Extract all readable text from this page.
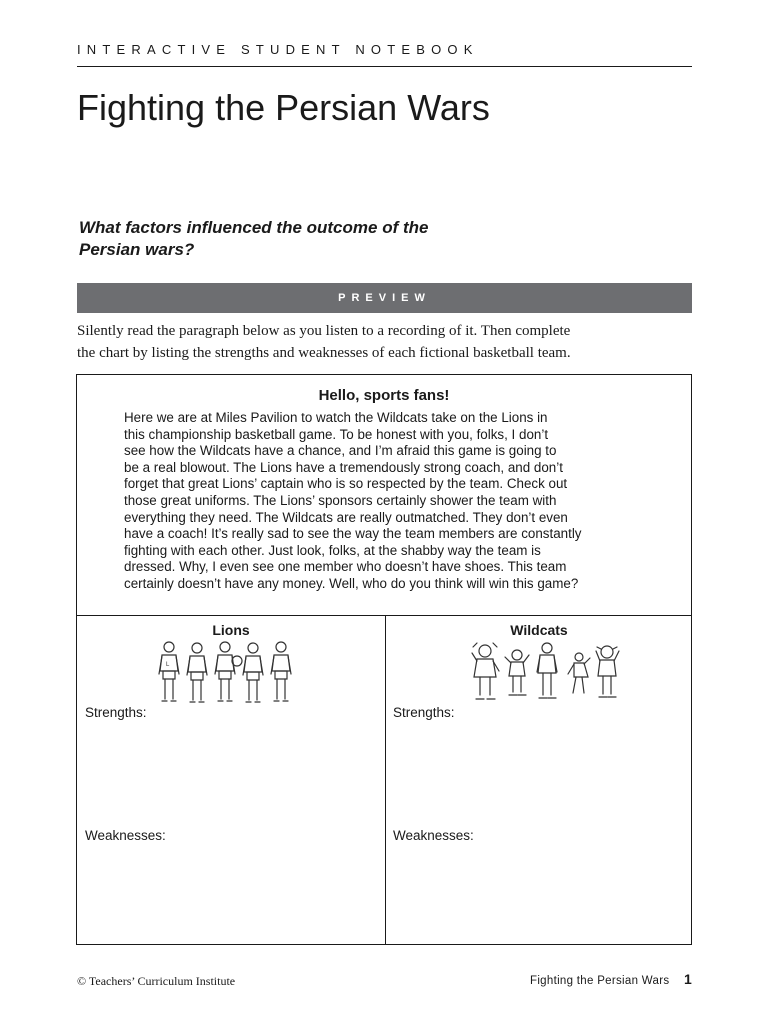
INTERACTIVE STUDENT NOTEBOOK
Fighting the Persian Wars
What factors influenced the outcome of the
Persian wars?
PREVIEW

Silently read the paragraph below as you listen to a recording of it. Then complete

the chart by listing the strengths and weaknesses of each fictional basketball team.

Hello, sports fans!
Here we are at Miles Pavilion to watch the Wildcats take on the Lions in
this championship basketball game. To be honest with you, folks, I don’t
see how the Wildcats have a chance, and I’m afraid this game is going to
be a real blowout. The Lions have a tremendously strong coach, and don’t
forget that great Lions’ captain who is so respected by the team. Check out
those great uniforms. The Lions’ sponsors certainly shower the team with
everything they need. The Wildcats are really outmatched. They don’t even
have a coach! It’s really sad to see the way the team members are constantly
fighting with each other. Just look, folks, at the shabby way the team is
dressed. Why, I even see one member who doesn’t have shoes. This team
certainly doesn’t have any money. Well, who do you think will win this game?
Lions
L
Strengths:
Weaknesses:
Wildcats
Strengths:
Weaknesses:
© Teachers’ Curriculum Institute	Fighting the Persian Wars 1
